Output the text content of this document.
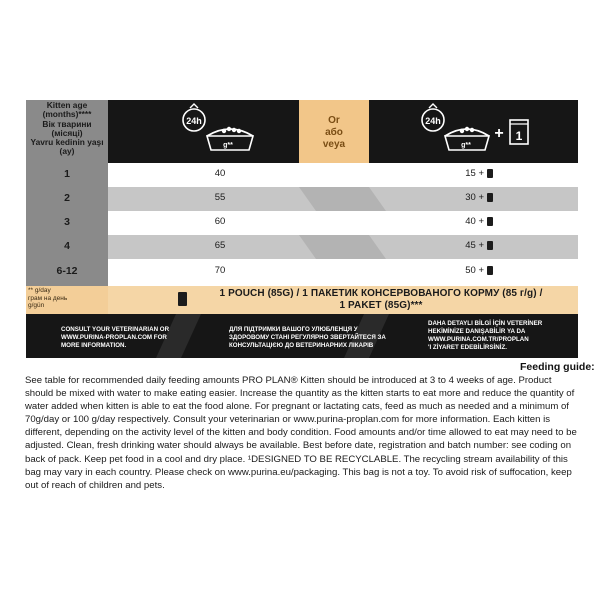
Kitten age
(months)****
Вік тварини
(місяці)
Yavru kedinin yaşı
(ay)
24h
g**
Or
або
veya
24h
g**
+ 1
1
2
3
4
6-12
40
55
60
65
70
15 +
30 +
40 +
45 +
50 +
** g/day
грам на день
g/gün
1 POUCH (85G) / 1 ПАКЕТИК КОНСЕРВОВАНОГО КОРМУ (85 г/g) /
1 PAKET (85G)***
CONSULT YOUR VETERINARIAN OR
WWW.PURINA-PROPLAN.COM FOR
MORE INFORMATION.
ДЛЯ ПІДТРИМКИ ВАШОГО УЛЮБЛЕНЦЯ У
ЗДОРОВОМУ СТАНІ РЕГУЛЯРНО ЗВЕРТАЙТЕСЯ ЗА
КОНСУЛЬТАЦІЄЮ ДО ВЕТЕРИНАРНИХ ЛІКАРІВ
DAHA DETAYLI BİLGİ İÇİN VETERİNER
HEKİMİNİZE DANIŞABİLİR YA DA
WWW.PURINA.COM.TR/PROPLAN
'I ZİYARET EDEBİLİRSİNİZ.
Feeding guide:
See table for recommended daily feeding amounts PRO PLAN® Kitten should be introduced at 3 to 4 weeks of age. Product should be mixed with water to make eating easier. Increase the quantity as the kitten starts to eat more and reduce the quantity of water added when kitten is able to eat the food alone. For pregnant or lactating cats, feed as much as needed and a minimum of 70g/day or 100 g/day respectively. Consult your veterinarian or www.purina-proplan.com for more information. Each kitten is different, depending on the activity level of the kitten and body condition. Food amounts and/or time allowed to eat may need to be adjusted. Clean, fresh drinking water should always be available. Best before date, registration and batch number: see coding on back of pack. Keep pet food in a cool and dry place. ¹DESIGNED TO BE RECYCLABLE. The recycling stream availability of this bag may vary in each country. Please check on www.purina.eu/packaging. This bag is not a toy. To avoid risk of suffocation, keep out of reach of children and pets.
